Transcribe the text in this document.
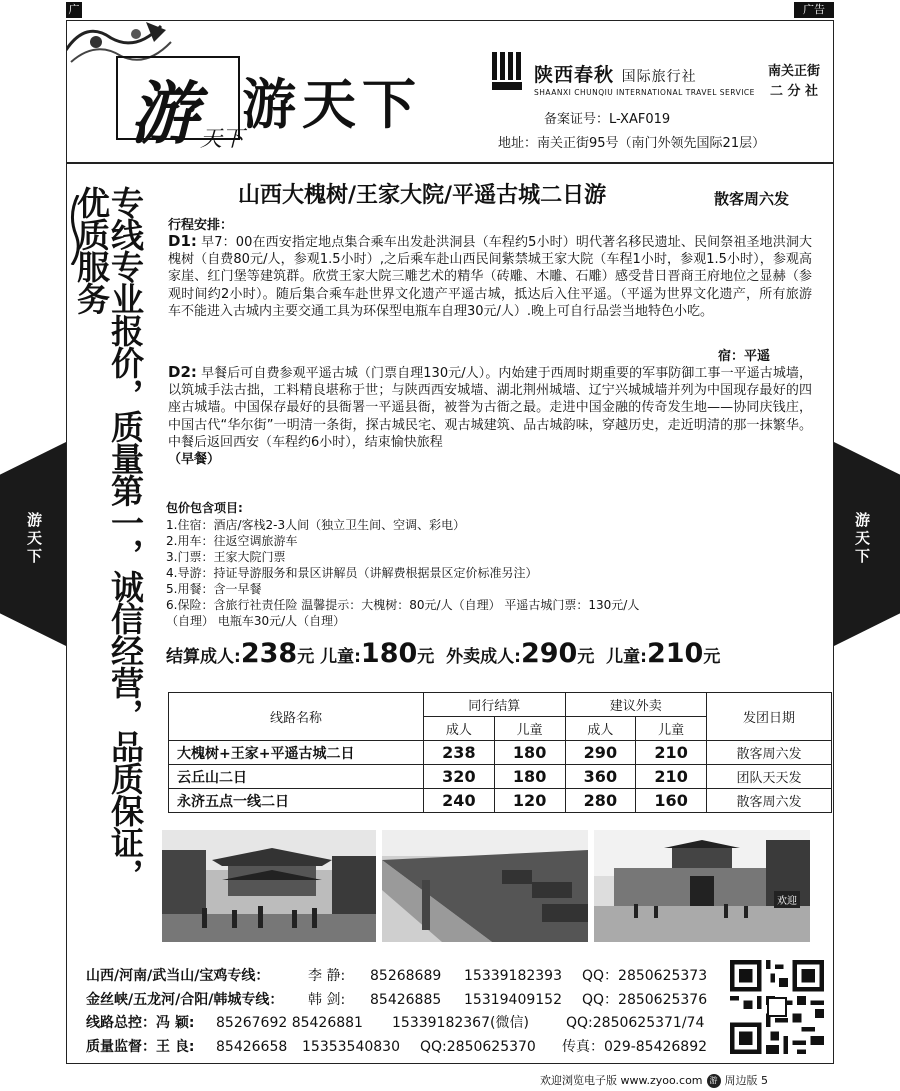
广告
广告
游 天下
游天下	陕西春秋 国际旅行社
SHAANXI CHUNQIU INTERNATIONAL TRAVEL SERVICE
南关正街
二 分 社
备案证号：L-XAF019
地址：南关正街95号（南门外领先国际21层）
游天下	游天下
专线专业报价，质量第一，诚信经营，品质保证，优质服务	山西大槐树/王家大院/平遥古城二日游	散客周六发
行程安排：
D1: 早7：00在西安指定地点集合乘车出发赴洪洞县（车程约5小时）明代著名移民遗址、民间祭祖圣地洪洞大槐树（自费80元/人，参观1.5小时）,之后乘车赴山西民间紫禁城王家大院（车程1小时，参观1.5小时），参观高家崖、红门堡等建筑群。欣赏王家大院三雕艺术的精华（砖雕、木雕、石雕）感受昔日晋商王府地位之显赫（参观时间约2小时）。随后集合乘车赴世界文化遗产平遥古城，抵达后入住平遥。（平遥为世界文化遗产，所有旅游车不能进入古城内主要交通工具为环保型电瓶车自理30元/人）.晚上可自行品尝当地特色小吃。
宿：平遥
D2: 早餐后可自费参观平遥古城（门票自理130元/人）。内始建于西周时期重要的军事防御工事一平遥古城墙，以筑城手法古拙，工料精良堪称于世；与陕西西安城墙、湖北荆州城墙、辽宁兴城城墙并列为中国现存最好的四座古城墙。中国保存最好的县衙署一平遥县衙，被誉为古衙之最。走进中国金融的传奇发生地——协同庆钱庄，中国古代“华尔街”一明清一条街，探古城民宅、观古城建筑、品古城韵味，穿越历史，走近明清的那一抹繁华。中餐后返回西安（车程约6小时），结束愉快旅程
（早餐）
包价包含项目:
1.住宿：酒店/客栈2-3人间（独立卫生间、空调、彩电）
2.用车：往返空调旅游车
3.门票：王家大院门票
4.导游：持证导游服务和景区讲解员（讲解费根据景区定价标准另注）
5.用餐：含一早餐
6.保险：含旅行社责任险 温馨提示：大槐树：80元/人（自理） 平遥古城门票：130元/人
（自理） 电瓶车30元/人（自理）
结算成人:238元 儿童:180元 外卖成人:290元 儿童:210元
线路名称	同行结算		建议外卖		发团日期
	成人	儿童	成人	儿童	
大槐树+王家+平遥古城二日	238	180	290	210	散客周六发
云丘山二日	320	180	360	210	团队天天发
永济五点一线二日	240	120	280	160	散客周六发
欢迎
山西/河南/武当山/宝鸡专线：	李 静: 85268689 15339182393 QQ：2850625373
金丝峡/五龙河/合阳/韩城专线： 韩 剑: 85426885 15319409152 QQ：2850625376
线路总控：冯 颖: 85267692 85426881 15339182367(微信)	QQ:2850625371/74
质量监督：王 良: 85426658 15353540830 QQ:2850625370 传真：029-85426892
欢迎浏览电子版 www.zyoo.com 游 周边版 5
